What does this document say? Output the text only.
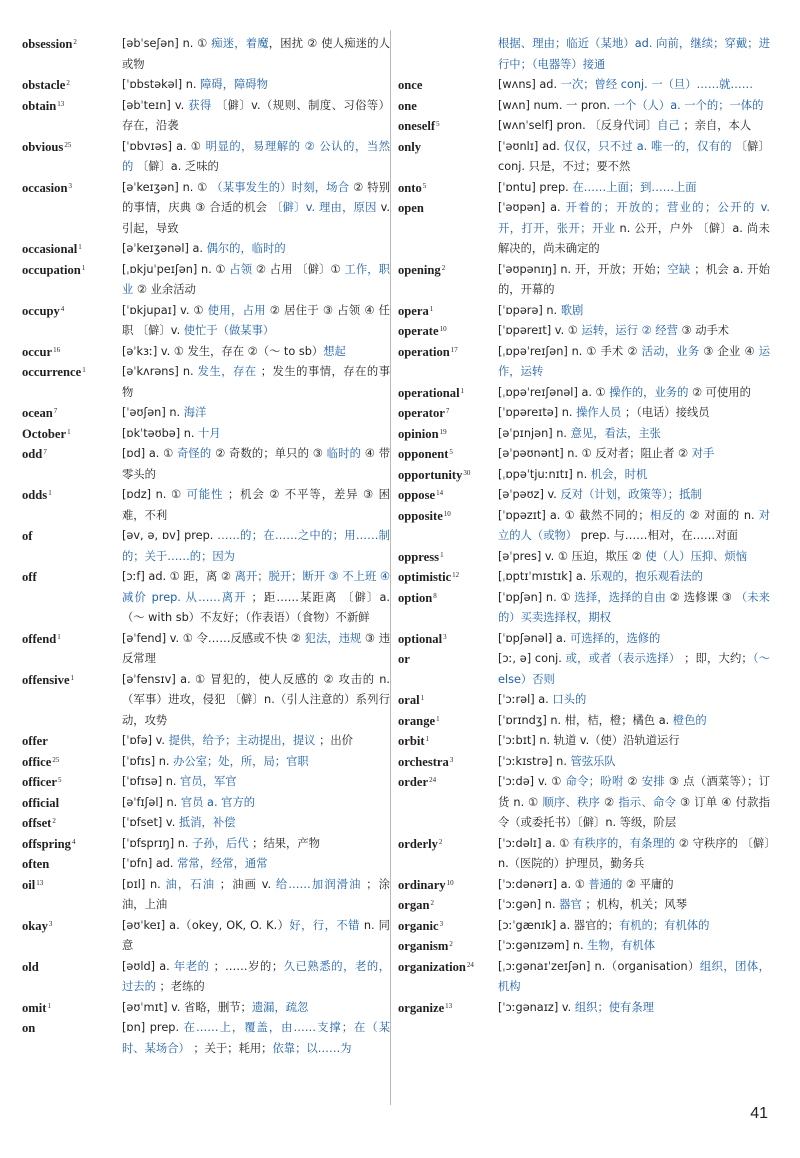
obsession$^2$	[əbˈseʃən] n. ① 痴迷，着魔，困扰 ② 使人痴迷的人或物
obstacle$^2$	[ˈɒbstəkəl] n. 障碍，障碍物
obtain$^{13}$	[əbˈteɪn] v. 获得 〔僻〕v.（规则、制度、习俗等）存在，沿袭
obvious$^{25}$	[ˈɒbvɪəs] a. ① 明显的，易理解的 ② 公认的，当然的 〔僻〕a. 乏味的
occasion$^3$	[əˈkeɪʒən] n. ① （某事发生的）时刻，场合 ② 特别的事情，庆典 ③ 合适的机会 〔僻〕v. 理由，原因 v. 引起，导致
occasional$^1$	[əˈkeɪʒənəl] a. 偶尔的，临时的
occupation$^1$	[ˌɒkjuˈpeɪʃən] n. ① 占领 ② 占用 〔僻〕① 工作，职业 ② 业余活动
occupy$^4$	[ˈɒkjupaɪ] v. ① 使用，占用 ② 居住于 ③ 占领 ④ 任职 〔僻〕v. 使忙于（做某事）
occur$^{16}$	[əˈkɜː] v. ① 发生，存在 ②（～ to sb）想起
occurrence$^1$	[əˈkʌrəns] n. 发生，存在 ；发生的事情，存在的事物
ocean$^7$	[ˈəʊʃən] n. 海洋
October$^1$	[ɒkˈtəʊbə] n. 十月
odd$^7$	[ɒd] a. ① 奇怪的 ② 奇数的；单只的 ③ 临时的 ④ 带零头的
odds$^1$	[ɒdz] n. ① 可能性 ；机会 ② 不平等，差异 ③ 困难，不利
of	[əv, ə, ɒv] prep. ……的；在……之中的；用……制的；关于……的；因为
off	[ɔːf] ad. ① 距，离 ② 离开；脱开；断开 ③ 不上班 ④ 减价 prep. 从……离开 ；距……某距离 〔僻〕a.（～ with sb）不友好；（作表语）（食物）不新鲜
offend$^1$	[əˈfend] v. ① 令……反感或不快 ② 犯法，违规 ③ 违反常理
offensive$^1$	[əˈfensɪv] a. ① 冒犯的，使人反感的 ② 攻击的 n.（军事）进攻，侵犯 〔僻〕n.（引人注意的）系列行动，攻势
offer	[ˈɒfə] v. 提供，给予；主动提出，提议 ；出价
office$^{25}$	[ˈɒfɪs] n. 办公室；处，所，局；官职
officer$^5$	[ˈɒfɪsə] n. 官员，军官
official	[əˈfɪʃəl] n. 官员 a. 官方的
offset$^2$	[ˈɒfset] v. 抵消，补偿
offspring$^4$	[ˈɒfsprɪŋ] n. 子孙，后代 ；结果，产物
often	[ˈɒfn] ad. 常常，经常，通常
oil$^{13}$	[ɒɪl] n. 油，石油 ；油画 v. 给……加润滑油 ；涂油，上油
okay$^3$	[əʊˈkeɪ] a.（okey, OK, O. K.）好，行，不错 n. 同意
old	[əʊld] a. 年老的 ；……岁的；久已熟悉的，老的，过去的 ；老练的
omit$^1$	[əʊˈmɪt] v. 省略，删节；遗漏，疏忽
on	[ɒn] prep. 在……上，覆盖，由……支撑；在（某时、某场合） ；关于；耗用；依靠；以……为
根据、理由；临近（某地）ad. 向前，继续；穿戴；进行中；（电器等）接通
once	[wʌns] ad. 一次；曾经 conj. 一（旦）……就……
one	[wʌn] num. 一 pron. 一个（人）a. 一个的；一体的
oneself$^5$	[wʌnˈself] pron. 〔反身代词〕自己 ；亲自，本人
only	[ˈəʊnlɪ] ad. 仅仅，只不过 a. 唯一的，仅有的 〔僻〕conj. 只是，不过；要不然
onto$^5$	[ˈɒntu] prep. 在……上面；到……上面
open	[ˈəʊpən] a. 开着的；开放的；营业的；公开的 v. 开，打开，张开；开业 n. 公开，户外 〔僻〕a. 尚未解决的，尚未确定的
opening$^2$	[ˈəʊpənɪŋ] n. 开，开放；开始；空缺 ；机会 a. 开始的，开幕的
opera$^1$	[ˈɒpərə] n. 歌剧
operate$^{10}$	[ˈɒpəreɪt] v. ① 运转，运行 ② 经营 ③ 动手术
operation$^{17}$	[ˌɒpəˈreɪʃən] n. ① 手术 ② 活动，业务 ③ 企业 ④ 运作，运转
operational$^1$	[ˌɒpəˈreɪʃənəl] a. ① 操作的，业务的 ② 可使用的
operator$^7$	[ˈɒpəreɪtə] n. 操作人员 ；（电话）接线员
opinion$^{19}$	[əˈpɪnjən] n. 意见，看法，主张
opponent$^5$	[əˈpəʊnənt] n. ① 反对者；阻止者 ② 对手
opportunity$^{30}$	[ˌɒpəˈtjuːnɪtɪ] n. 机会，时机
oppose$^{14}$	[əˈpəʊz] v. 反对（计划，政策等）；抵制
opposite$^{10}$	[ˈɒpəzɪt] a. ① 截然不同的；相反的 ② 对面的 n. 对立的人（或物） prep. 与……相对，在……对面
oppress$^1$	[əˈpres] v. ① 压迫，欺压 ② 使（人）压抑、烦恼
optimistic$^{12}$	[ˌɒptɪˈmɪstɪk] a. 乐观的，抱乐观看法的
option$^8$	[ˈɒpʃən] n. ① 选择，选择的自由 ② 选修课 ③ （未来的）买卖选择权，期权
optional$^3$	[ˈɒpʃənəl] a. 可选择的，选修的
or	[ɔː, ə] conj. 或，或者（表示选择） ；即，大约；（～ else）否则
oral$^1$	[ˈɔːrəl] a. 口头的
orange$^1$	[ˈɒrɪndʒ] n. 柑，桔，橙；橘色 a. 橙色的
orbit$^1$	[ˈɔːbɪt] n. 轨道 v.（使）沿轨道运行
orchestra$^3$	[ˈɔːkɪstrə] n. 管弦乐队
order$^{24}$	[ˈɔːdə] v. ① 命令；吩咐 ② 安排 ③ 点（酒菜等）；订货 n. ① 顺序、秩序 ② 指示、命令 ③ 订单 ④ 付款指令（或委托书）〔僻〕n. 等级，阶层
orderly$^2$	[ˈɔːdəlɪ] a. ① 有秩序的，有条理的 ② 守秩序的 〔僻〕n.（医院的）护理员，勤务兵
ordinary$^{10}$	[ˈɔːdənərɪ] a. ① 普通的 ② 平庸的
organ$^2$	[ˈɔːgən] n. 器官 ；机构，机关；风琴
organic$^3$	[ɔːˈgænɪk] a. 器官的；有机的；有机体的
organism$^2$	[ˈɔːgənɪzəm] n. 生物，有机体
organization$^{24}$	[ˌɔːgənaɪˈzeɪʃən] n.（organisation）组织，团体，机构
organize$^{13}$	[ˈɔːgənaɪz] v. 组织；使有条理
41
